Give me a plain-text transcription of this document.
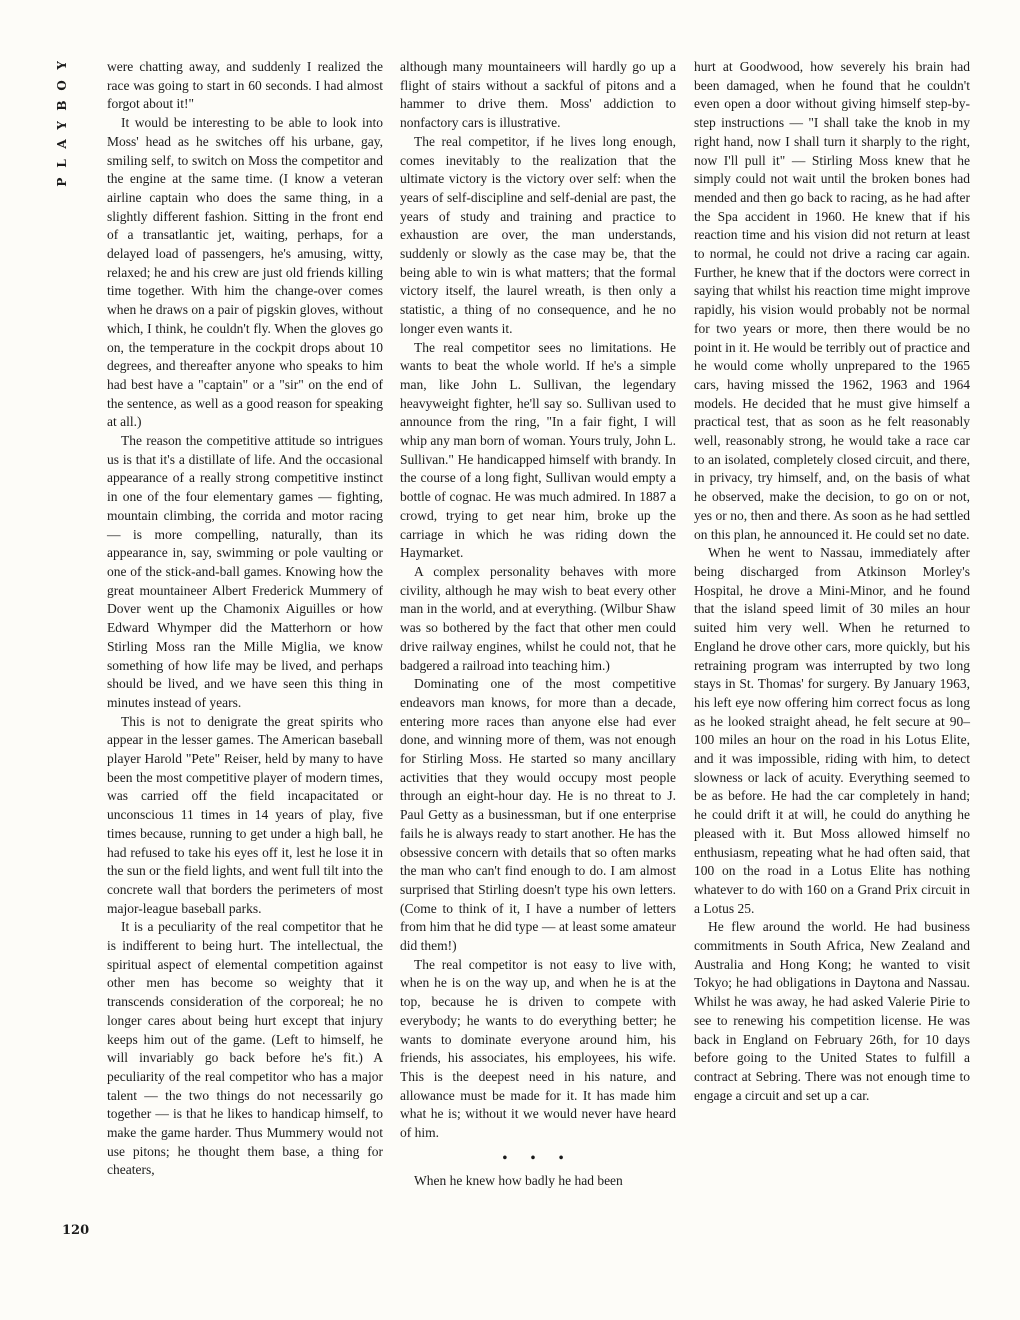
P L A Y B O Y
120

were chatting away, and suddenly I realized the race was going to start in 60 seconds. I had almost forgot about it!"

It would be interesting to be able to look into Moss' head as he switches off his urbane, gay, smiling self, to switch on Moss the competitor and the engine at the same time. (I know a veteran airline captain who does the same thing, in a slightly different fashion. Sitting in the front end of a transatlantic jet, waiting, perhaps, for a delayed load of passengers, he's amusing, witty, relaxed; he and his crew are just old friends killing time together. With him the change-over comes when he draws on a pair of pigskin gloves, without which, I think, he couldn't fly. When the gloves go on, the temperature in the cockpit drops about 10 degrees, and thereafter anyone who speaks to him had best have a "captain" or a "sir" on the end of the sentence, as well as a good reason for speaking at all.)

The reason the competitive attitude so intrigues us is that it's a distillate of life. And the occasional appearance of a really strong competitive instinct in one of the four elementary games — fighting, mountain climbing, the corrida and motor racing — is more compelling, naturally, than its appearance in, say, swimming or pole vaulting or one of the stick-and-ball games. Knowing how the great mountaineer Albert Frederick Mummery of Dover went up the Chamonix Aiguilles or how Edward Whymper did the Matterhorn or how Stirling Moss ran the Mille Miglia, we know something of how life may be lived, and perhaps should be lived, and we have seen this thing in minutes instead of years.

This is not to denigrate the great spirits who appear in the lesser games. The American baseball player Harold "Pete" Reiser, held by many to have been the most competitive player of modern times, was carried off the field incapacitated or unconscious 11 times in 14 years of play, five times because, running to get under a high ball, he had refused to take his eyes off it, lest he lose it in the sun or the field lights, and went full tilt into the concrete wall that borders the perimeters of most major-league baseball parks.

It is a peculiarity of the real competitor that he is indifferent to being hurt. The intellectual, the spiritual aspect of elemental competition against other men has become so weighty that it transcends consideration of the corporeal; he no longer cares about being hurt except that injury keeps him out of the game. (Left to himself, he will invariably go back before he's fit.) A peculiarity of the real competitor who has a major talent — the two things do not necessarily go together — is that he likes to handicap himself, to make the game harder. Thus Mummery would not use pitons; he thought them base, a thing for cheaters,

although many mountaineers will hardly go up a flight of stairs without a sackful of pitons and a hammer to drive them. Moss' addiction to nonfactory cars is illustrative.

The real competitor, if he lives long enough, comes inevitably to the realization that the ultimate victory is the victory over self: when the years of self-discipline and self-denial are past, the years of study and training and practice to exhaustion are over, the man understands, suddenly or slowly as the case may be, that the being able to win is what matters; that the formal victory itself, the laurel wreath, is then only a statistic, a thing of no consequence, and he no longer even wants it.

The real competitor sees no limitations. He wants to beat the whole world. If he's a simple man, like John L. Sullivan, the legendary heavyweight fighter, he'll say so. Sullivan used to announce from the ring, "In a fair fight, I will whip any man born of woman. Yours truly, John L. Sullivan." He handicapped himself with brandy. In the course of a long fight, Sullivan would empty a bottle of cognac. He was much admired. In 1887 a crowd, trying to get near him, broke up the carriage in which he was riding down the Haymarket.

A complex personality behaves with more civility, although he may wish to beat every other man in the world, and at everything. (Wilbur Shaw was so bothered by the fact that other men could drive railway engines, whilst he could not, that he badgered a railroad into teaching him.)

Dominating one of the most competitive endeavors man knows, for more than a decade, entering more races than anyone else had ever done, and winning more of them, was not enough for Stirling Moss. He started so many ancillary activities that they would occupy most people through an eight-hour day. He is no threat to J. Paul Getty as a businessman, but if one enterprise fails he is always ready to start another. He has the obsessive concern with details that so often marks the man who can't find enough to do. I am almost surprised that Stirling doesn't type his own letters. (Come to think of it, I have a number of letters from him that he did type — at least some amateur did them!)

The real competitor is not easy to live with, when he is on the way up, and when he is at the top, because he is driven to compete with everybody; he wants to do everything better; he wants to dominate everyone around him, his friends, his associates, his employees, his wife. This is the deepest need in his nature, and allowance must be made for it. It has made him what he is; without it we would never have heard of him.

• • •

When he knew how badly he had been

hurt at Goodwood, how severely his brain had been damaged, when he found that he couldn't even open a door without giving himself step-by-step instructions — "I shall take the knob in my right hand, now I shall turn it sharply to the right, now I'll pull it" — Stirling Moss knew that he simply could not wait until the broken bones had mended and then go back to racing, as he had after the Spa accident in 1960. He knew that if his reaction time and his vision did not return at least to normal, he could not drive a racing car again. Further, he knew that if the doctors were correct in saying that whilst his reaction time might improve rapidly, his vision would probably not be normal for two years or more, then there would be no point in it. He would be terribly out of practice and he would come wholly unprepared to the 1965 cars, having missed the 1962, 1963 and 1964 models. He decided that he must give himself a practical test, that as soon as he felt reasonably well, reasonably strong, he would take a race car to an isolated, completely closed circuit, and there, in privacy, try himself, and, on the basis of what he observed, make the decision, to go on or not, yes or no, then and there. As soon as he had settled on this plan, he announced it. He could set no date.

When he went to Nassau, immediately after being discharged from Atkinson Morley's Hospital, he drove a Mini-Minor, and he found that the island speed limit of 30 miles an hour suited him very well. When he returned to England he drove other cars, more quickly, but his retraining program was interrupted by two long stays in St. Thomas' for surgery. By January 1963, his left eye now offering him correct focus as long as he looked straight ahead, he felt secure at 90–100 miles an hour on the road in his Lotus Elite, and it was impossible, riding with him, to detect slowness or lack of acuity. Everything seemed to be as before. He had the car completely in hand; he could drift it at will, he could do anything he pleased with it. But Moss allowed himself no enthusiasm, repeating what he had often said, that 100 on the road in a Lotus Elite has nothing whatever to do with 160 on a Grand Prix circuit in a Lotus 25.

He flew around the world. He had business commitments in South Africa, New Zealand and Australia and Hong Kong; he wanted to visit Tokyo; he had obligations in Daytona and Nassau. Whilst he was away, he had asked Valerie Pirie to see to renewing his competition license. He was back in England on February 26th, for 10 days before going to the United States to fulfill a contract at Sebring. There was not enough time to engage a circuit and set up a car.
